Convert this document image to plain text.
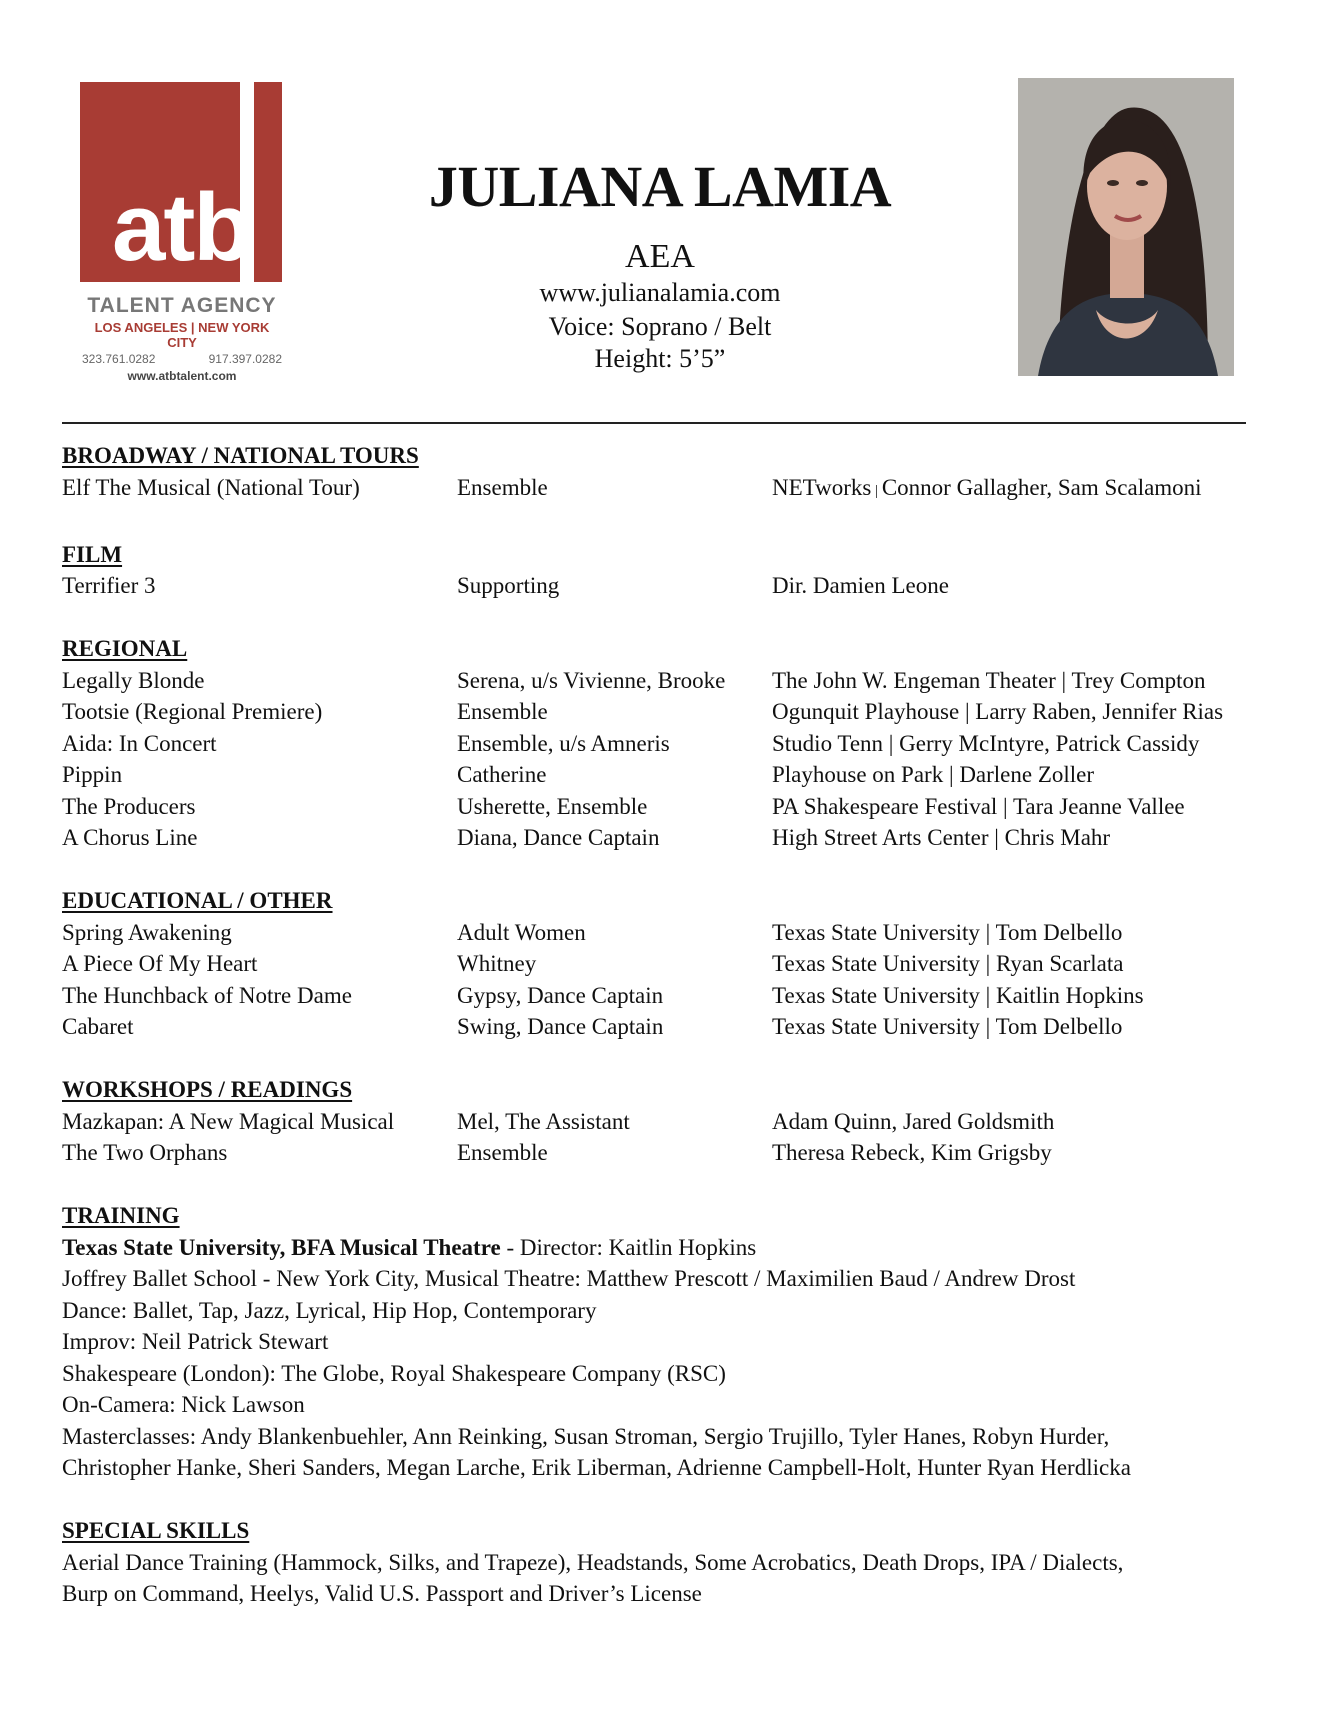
atb
TALENT AGENCY
LOS ANGELES | NEW YORK CITY
323.761.0282	917.397.0282
www.atbtalent.com
JULIANA LAMIA
AEA
www.julianalamia.com
Voice: Soprano / Belt
Height: 5’5”
BROADWAY / NATIONAL TOURS
Elf The Musical (National Tour)	Ensemble	NETworks | Connor Gallagher, Sam Scalamoni
FILM
Terrifier 3	Supporting	Dir. Damien Leone
REGIONAL
Legally Blonde	Serena, u/s Vivienne, Brooke	The John W. Engeman Theater | Trey Compton
Tootsie (Regional Premiere)	Ensemble	Ogunquit Playhouse | Larry Raben, Jennifer Rias
Aida: In Concert	Ensemble, u/s Amneris	Studio Tenn | Gerry McIntyre, Patrick Cassidy
Pippin	Catherine	Playhouse on Park | Darlene Zoller
The Producers	Usherette, Ensemble	PA Shakespeare Festival | Tara Jeanne Vallee
A Chorus Line	Diana, Dance Captain	High Street Arts Center | Chris Mahr
EDUCATIONAL / OTHER
Spring Awakening	Adult Women	Texas State University | Tom Delbello
A Piece Of My Heart	Whitney	Texas State University | Ryan Scarlata
The Hunchback of Notre Dame	Gypsy, Dance Captain	Texas State University | Kaitlin Hopkins
Cabaret	Swing, Dance Captain	Texas State University | Tom Delbello
WORKSHOPS / READINGS
Mazkapan: A New Magical Musical	Mel, The Assistant	Adam Quinn, Jared Goldsmith
The Two Orphans	Ensemble	Theresa Rebeck, Kim Grigsby
TRAINING
Texas State University, BFA Musical Theatre - Director: Kaitlin Hopkins
Joffrey Ballet School - New York City, Musical Theatre: Matthew Prescott / Maximilien Baud / Andrew Drost
Dance: Ballet, Tap, Jazz, Lyrical, Hip Hop, Contemporary
Improv: Neil Patrick Stewart
Shakespeare (London): The Globe, Royal Shakespeare Company (RSC)
On-Camera: Nick Lawson
Masterclasses: Andy Blankenbuehler, Ann Reinking, Susan Stroman, Sergio Trujillo, Tyler Hanes, Robyn Hurder,
Christopher Hanke, Sheri Sanders, Megan Larche, Erik Liberman, Adrienne Campbell-Holt, Hunter Ryan Herdlicka
SPECIAL SKILLS
Aerial Dance Training (Hammock, Silks, and Trapeze), Headstands, Some Acrobatics, Death Drops, IPA / Dialects,
Burp on Command, Heelys, Valid U.S. Passport and Driver’s License
